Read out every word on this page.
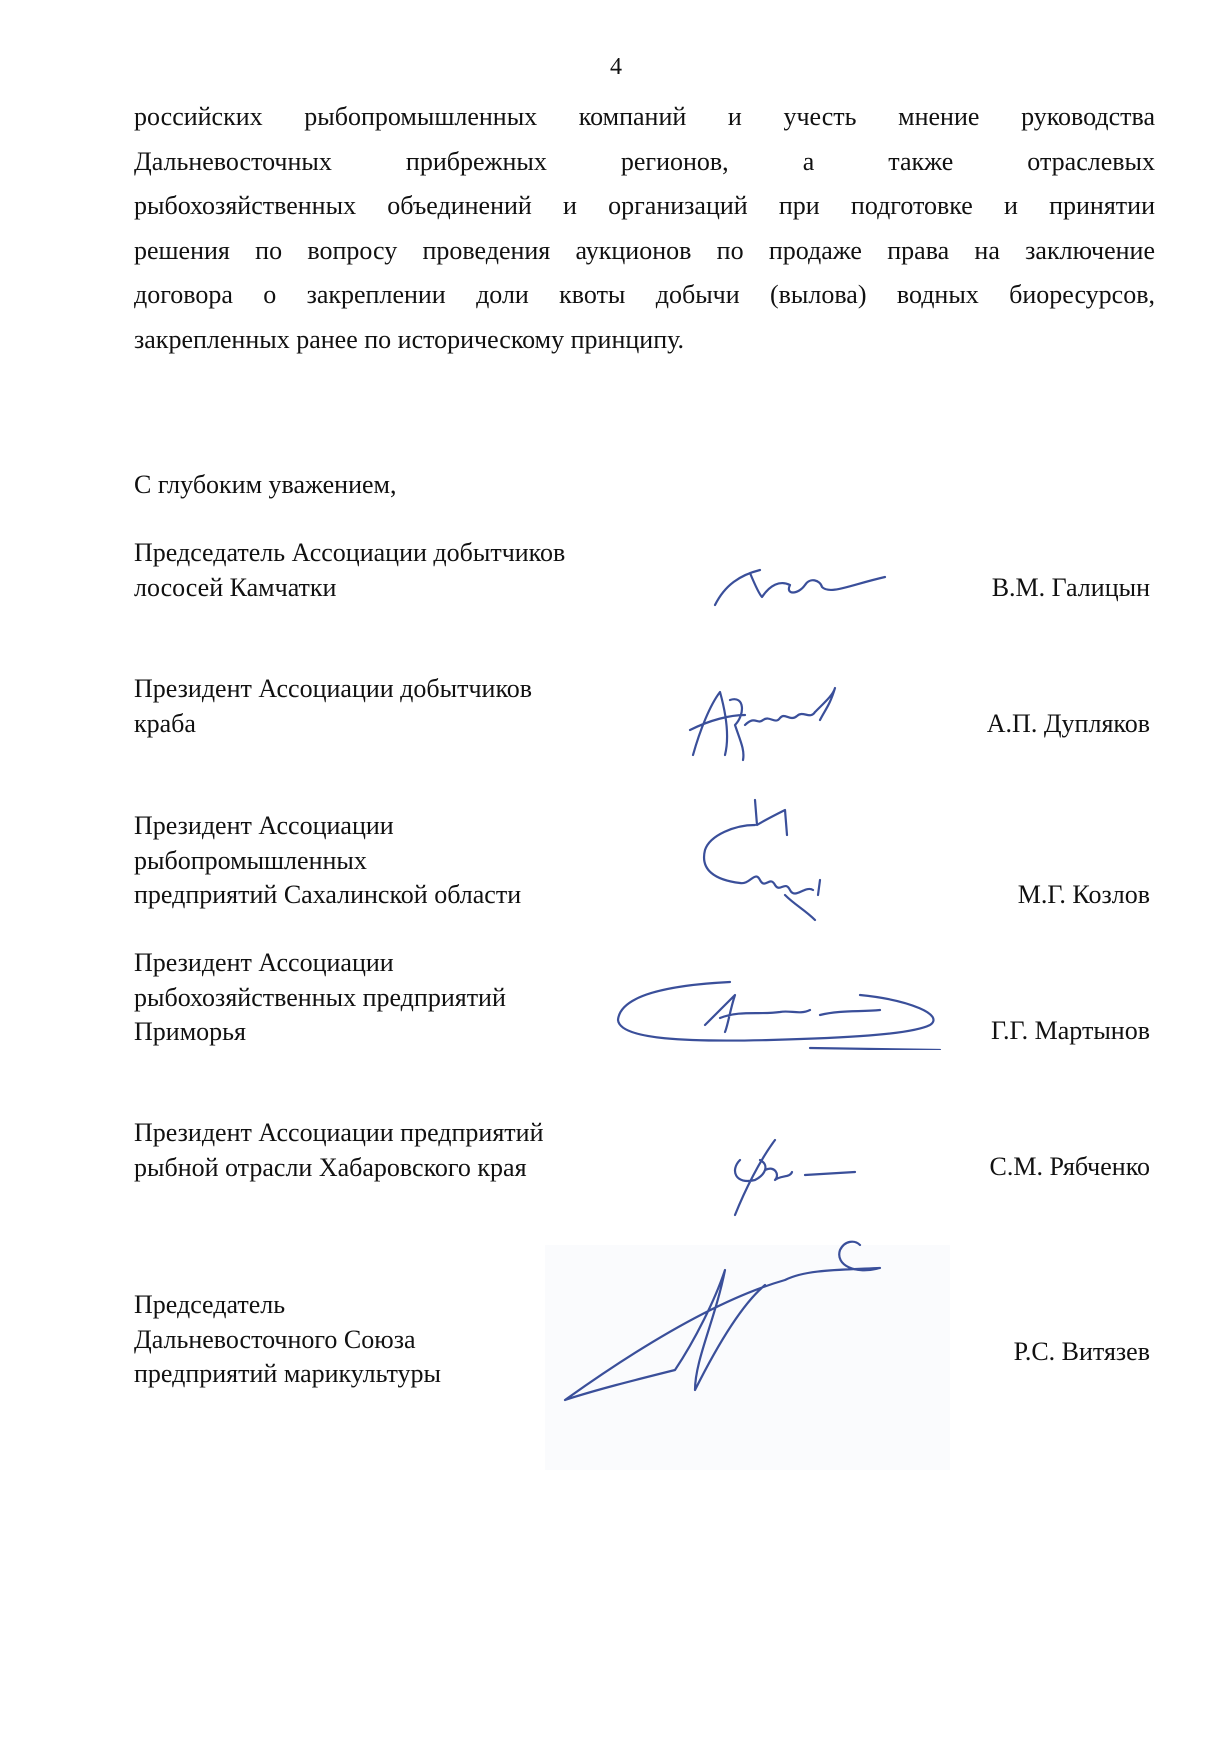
4
российских рыбопромышленных компаний и учесть мнение руководства
Дальневосточных прибрежных регионов, а также отраслевых
рыбохозяйственных объединений и организаций при подготовке и принятии
решения по вопросу проведения аукционов по продаже права на заключение
договора о закреплении доли квоты добычи (вылова) водных биоресурсов,
закрепленных ранее по историческому принципу.
С глубоким уважением,
Председатель Ассоциации добытчиков
лососей Камчатки	В.М. Галицын
Президент Ассоциации добытчиков
краба	А.П. Дупляков
Президент Ассоциации
рыбопромышленных
предприятий Сахалинской области	М.Г. Козлов
Президент Ассоциации
рыбохозяйственных предприятий
Приморья	Г.Г. Мартынов
Президент Ассоциации предприятий
рыбной отрасли Хабаровского края	С.М. Рябченко
Председатель
Дальневосточного Союза
предприятий марикультуры
Р.С. Витязев
